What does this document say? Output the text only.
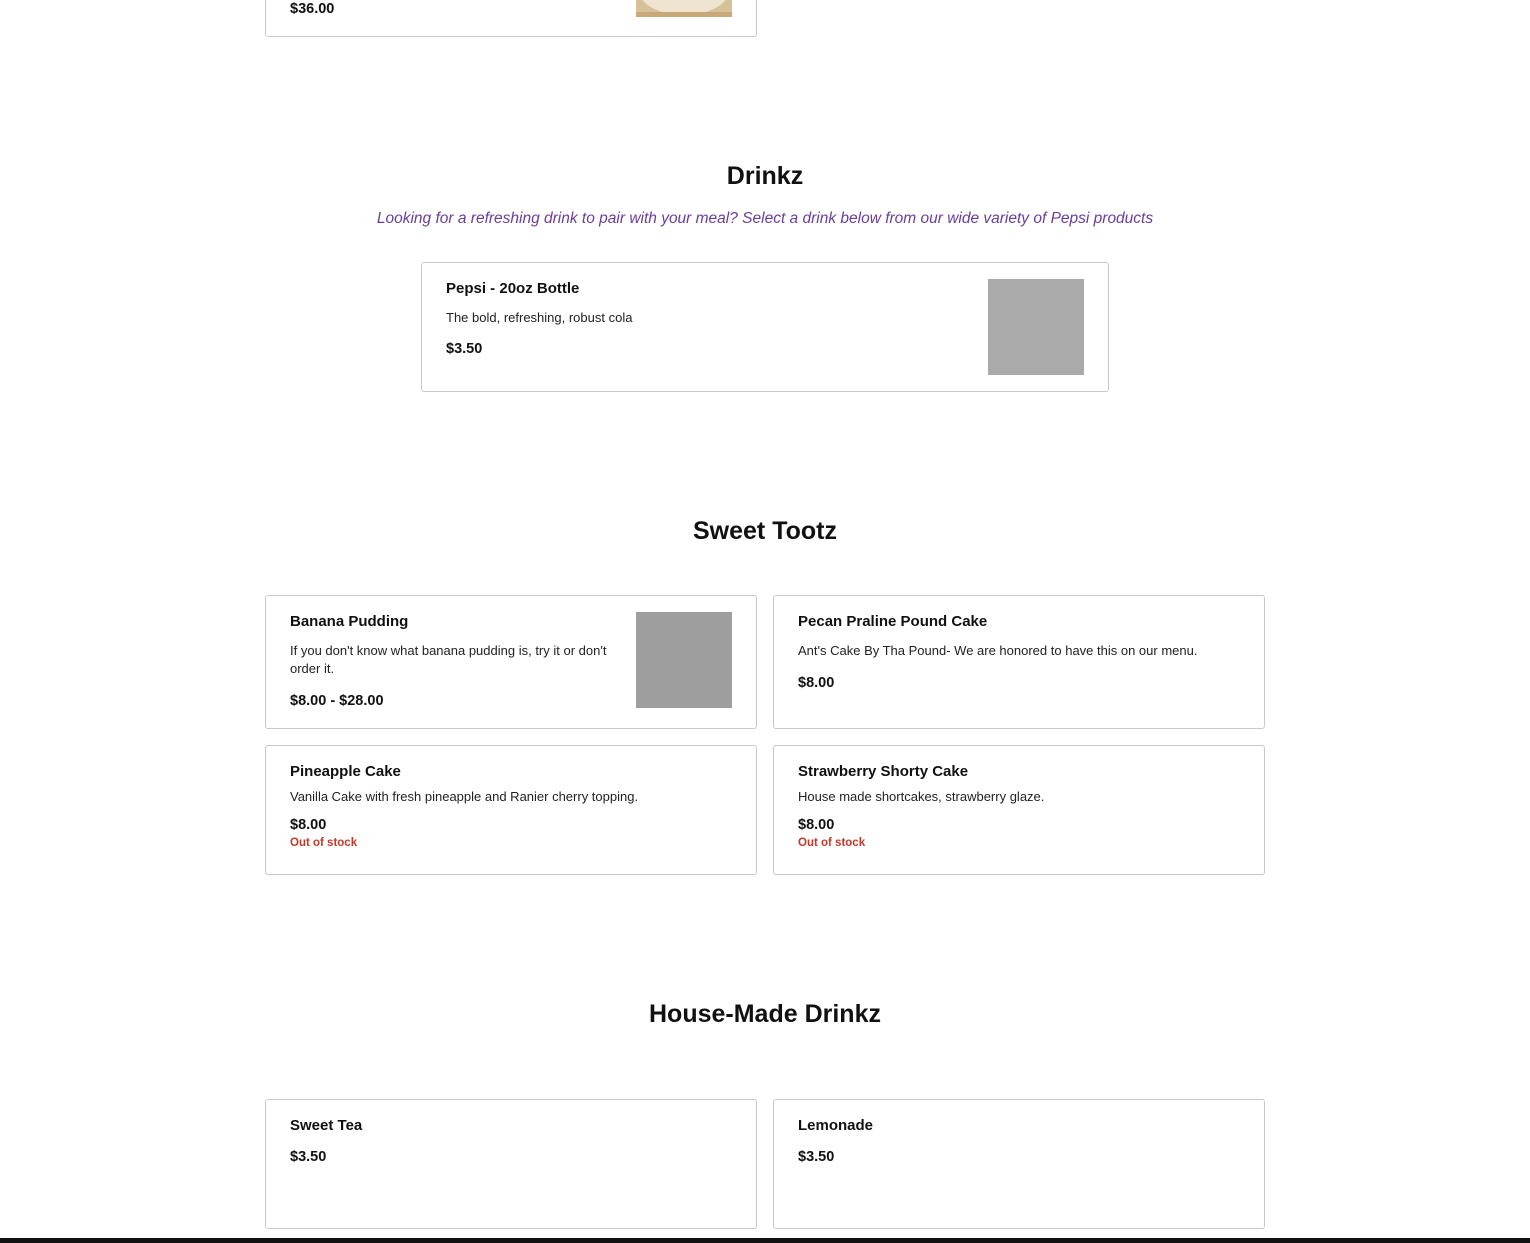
$36.00
Drinkz
Looking for a refreshing drink to pair with your meal? Select a drink below from our wide variety of Pepsi products
Pepsi - 20oz Bottle
The bold, refreshing, robust cola
$3.50
Sweet Tootz
Banana Pudding
If you don't know what banana pudding is, try it or don't order it.
$8.00 - $28.00
Pecan Praline Pound Cake
Ant's Cake By Tha Pound- We are honored to have this on our menu.
$8.00
Pineapple Cake
Vanilla Cake with fresh pineapple and Ranier cherry topping.
$8.00
Out of stock
Strawberry Shorty Cake
House made shortcakes, strawberry glaze.
$8.00
Out of stock
House-Made Drinkz
Sweet Tea
$3.50
Lemonade
$3.50
